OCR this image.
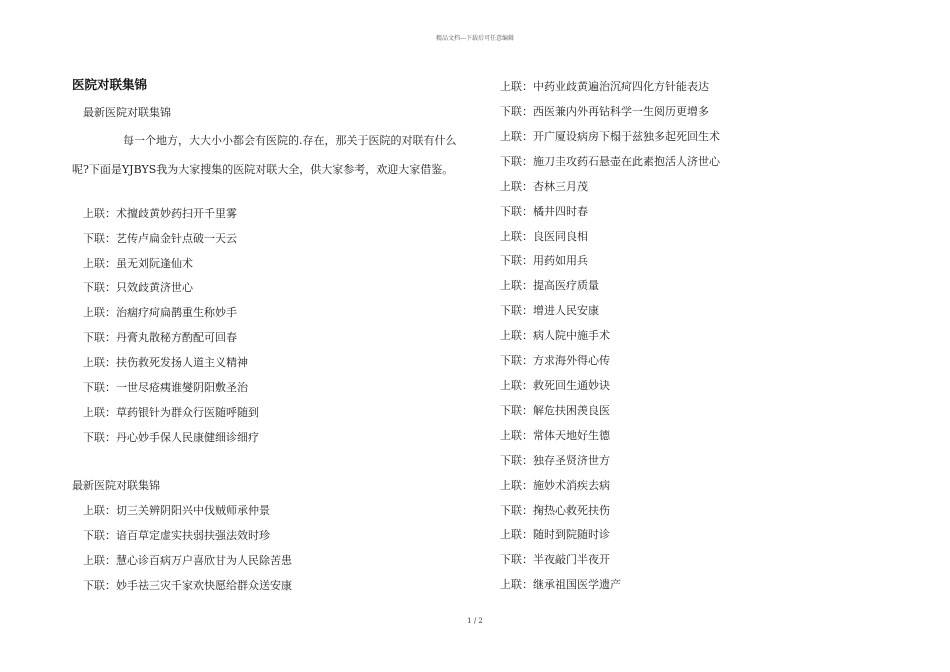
精品文档---下载后可任意编辑
医院对联集锦
最新医院对联集锦

每一个地方，大大小小都会有医院的.存在，那关于医院的对联有什么呢?下面是YJBYS我为大家搜集的医院对联大全，供大家参考，欢迎大家借鉴。

上联：术擅歧黄妙药扫开千里雾
下联：艺传卢扁金针点破一天云
上联：虽无刘阮逢仙术
下联：只效歧黄济世心
上联：治痼疗疴扁鹊重生称妙手
下联：丹膏丸散秘方酌配可回春
上联：扶伤救死发扬人道主义精神
下联：一世尽疮痍谁燮阴阳敷圣治
上联：草药银针为群众行医随呼随到
下联：丹心妙手保人民康健细诊细疗
最新医院对联集锦
上联：切三关辨阴阳兴中伐贼师承仲景
下联：谙百草定虚实扶弱扶强法效时珍
上联：慧心诊百病万户喜欣甘为人民除苦患
下联：妙手祛三灾千家欢快愿给群众送安康
上联：中药业歧黄遍治沉疴四化方针能表达
下联：西医兼内外再钻科学一生阅历更增多
上联：开广厦设病房下榻于兹独多起死回生术
下联：施刀圭攻药石悬壶在此素抱活人济世心
上联：杏林三月茂
下联：橘井四时春
上联：良医同良相
下联：用药如用兵
上联：提高医疗质量
下联：增进人民安康
上联：病人院中施手术
下联：方求海外得心传
上联：救死回生通妙诀
下联：解危扶困羡良医
上联：常体天地好生德
下联：独存圣贤济世方
上联：施妙术消疾去病
下联：掬热心救死扶伤
上联：随时到院随时诊
下联：半夜敲门半夜开
上联：继承祖国医学遗产
1 / 2
